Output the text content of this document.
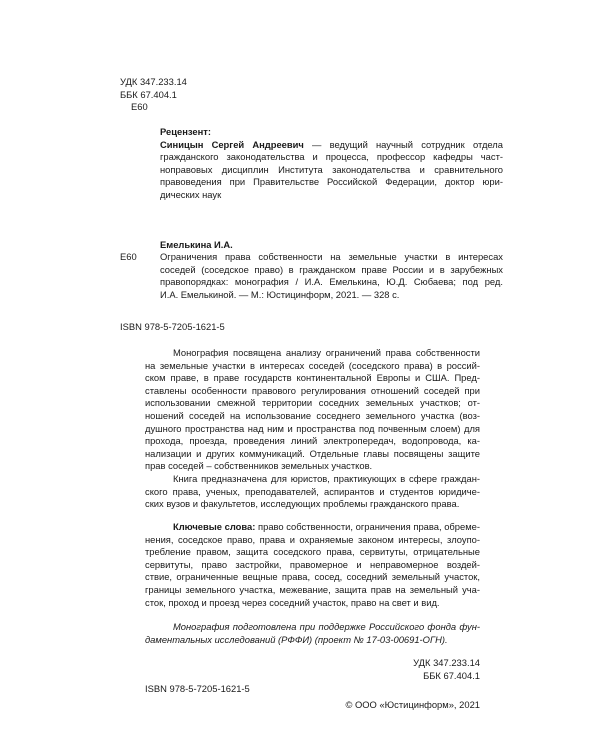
УДК 347.233.14
ББК 67.404.1
Е60
Рецензент:
Синицын Сергей Андреевич — ведущий научный сотрудник отдела
гражданского законодательства и процесса, профессор кафедры част-
ноправовых дисциплин Института законодательства и сравнительного
правоведения при Правительстве Российской Федерации, доктор юри-
дических наук
Емелькина И.А.
Е60 Ограничения права собственности на земельные участки в интересах
соседей (соседское право) в гражданском праве России и в зарубежных
правопорядках: монография / И.А. Емелькина, Ю.Д. Сюбаева; под ред.
И.А. Емелькиной. — М.: Юстицинформ, 2021. — 328 с.
ISBN 978-5-7205-1621-5
Монография посвящена анализу ограничений права собственности
на земельные участки в интересах соседей (соседского права) в россий-
ском праве, в праве государств континентальной Европы и США. Пред-
ставлены особенности правового регулирования отношений соседей при
использовании смежной территории соседних земельных участков; от-
ношений соседей на использование соседнего земельного участка (воз-
душного пространства над ним и пространства под почвенным слоем) для
прохода, проезда, проведения линий электропередач, водопровода, ка-
нализации и других коммуникаций. Отдельные главы посвящены защите
прав соседей – собственников земельных участков.
Книга предназначена для юристов, практикующих в сфере граждан-
ского права, ученых, преподавателей, аспирантов и студентов юридиче-
ских вузов и факультетов, исследующих проблемы гражданского права.
Ключевые слова: право собственности, ограничения права, обреме-
нения, соседское право, права и охраняемые законом интересы, злоупо-
требление правом, защита соседского права, сервитуты, отрицательные
сервитуты, право застройки, правомерное и неправомерное воздей-
ствие, ограниченные вещные права, сосед, соседний земельный участок,
границы земельного участка, межевание, защита прав на земельный уча-
сток, проход и проезд через соседний участок, право на свет и вид.
Монография подготовлена при поддержке Российского фонда фун-
даментальных исследований (РФФИ) (проект № 17-03-00691-ОГН).
УДК 347.233.14
ББК 67.404.1
ISBN 978-5-7205-1621-5
© ООО «Юстицинформ», 2021
